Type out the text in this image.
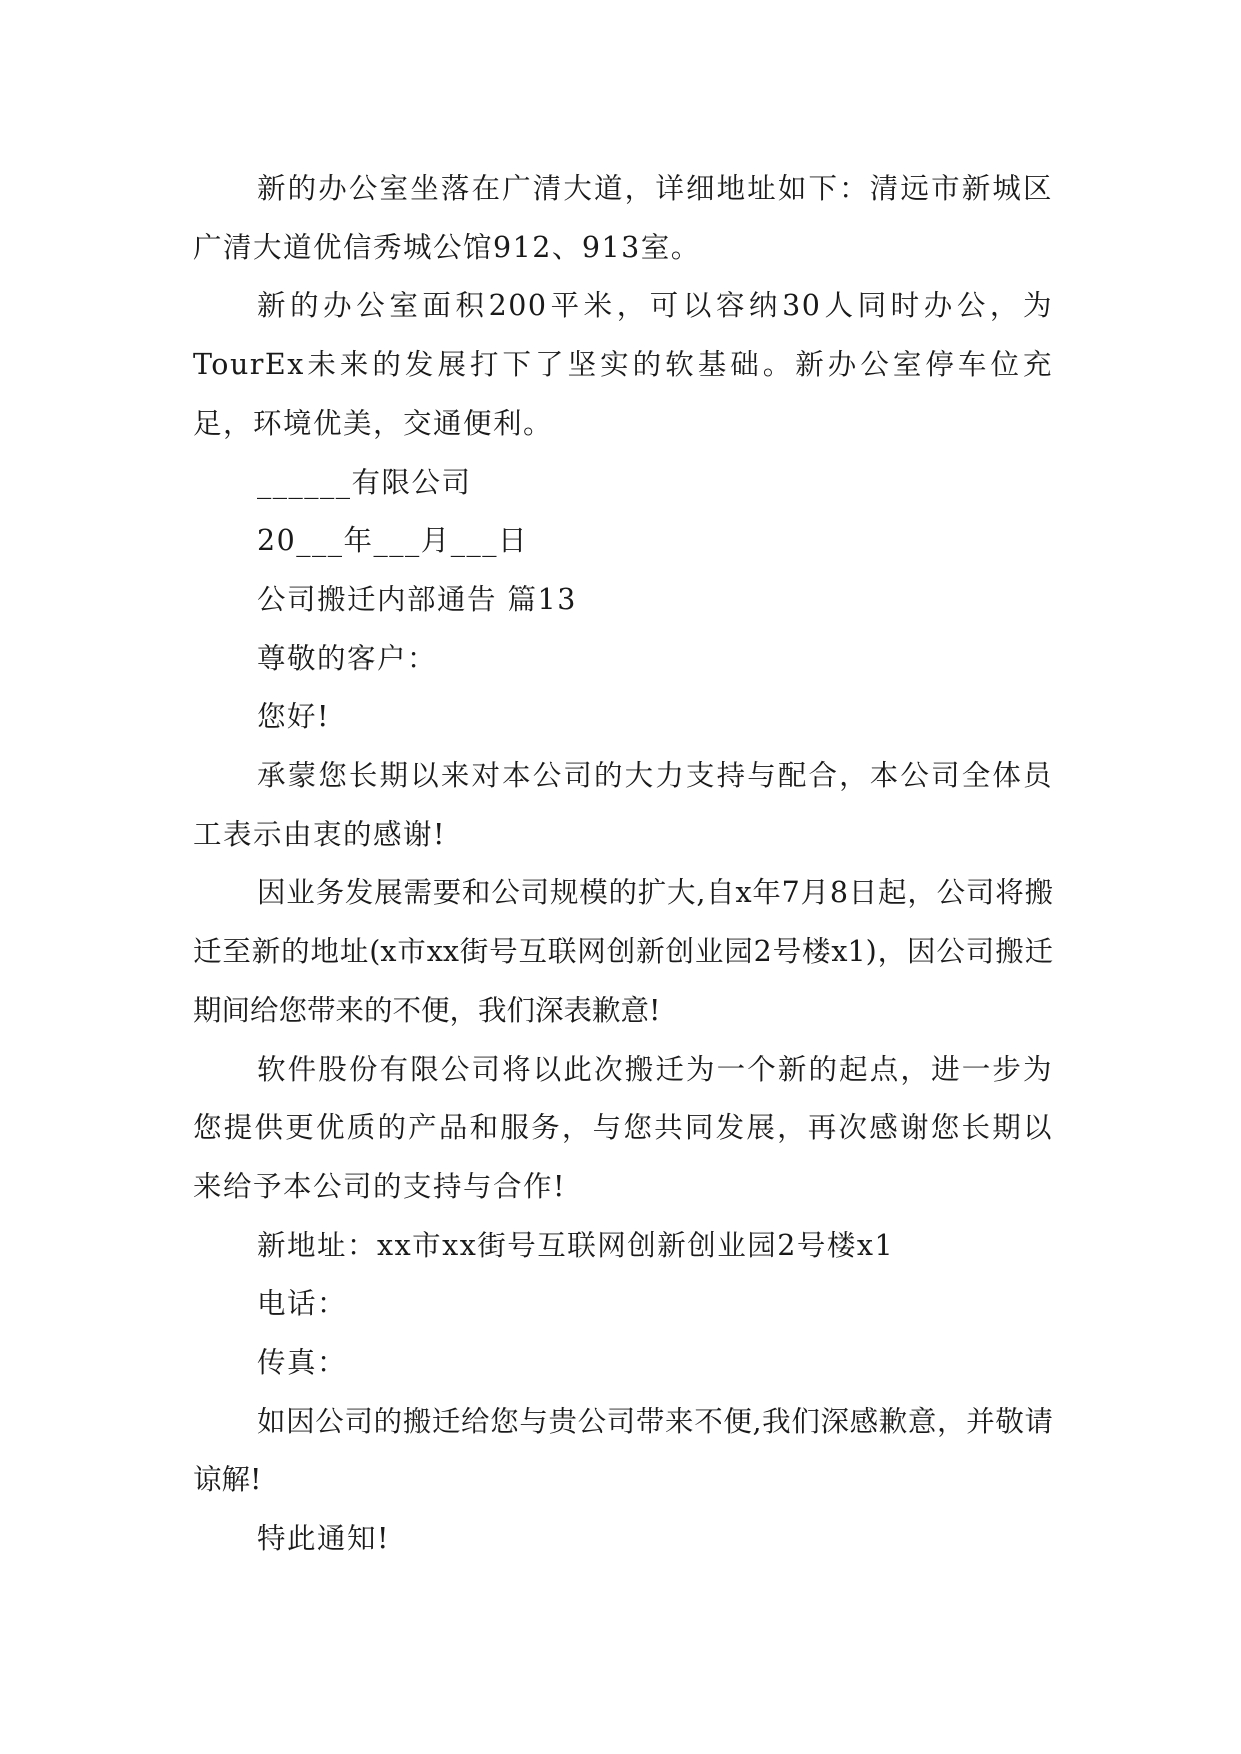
新的办公室坐落在广清大道，详细地址如下：清远市新城区广清大道优信秀城公馆912、913室。

新的办公室面积200平米，可以容纳30人同时办公，为TourEx未来的发展打下了坚实的软基础。新办公室停车位充足，环境优美，交通便利。

______有限公司

20___年___月___日

公司搬迁内部通告 篇13

尊敬的客户：

您好!

承蒙您长期以来对本公司的大力支持与配合，本公司全体员工表示由衷的感谢!

因业务发展需要和公司规模的扩大,自x年7月8日起，公司将搬迁至新的地址(x市xx街号互联网创新创业园2号楼x1)，因公司搬迁期间给您带来的不便，我们深表歉意!

软件股份有限公司将以此次搬迁为一个新的起点，进一步为您提供更优质的产品和服务，与您共同发展，再次感谢您长期以来给予本公司的支持与合作!

新地址：xx市xx街号互联网创新创业园2号楼x1

电话：

传真：

如因公司的搬迁给您与贵公司带来不便,我们深感歉意，并敬请谅解!

特此通知!
